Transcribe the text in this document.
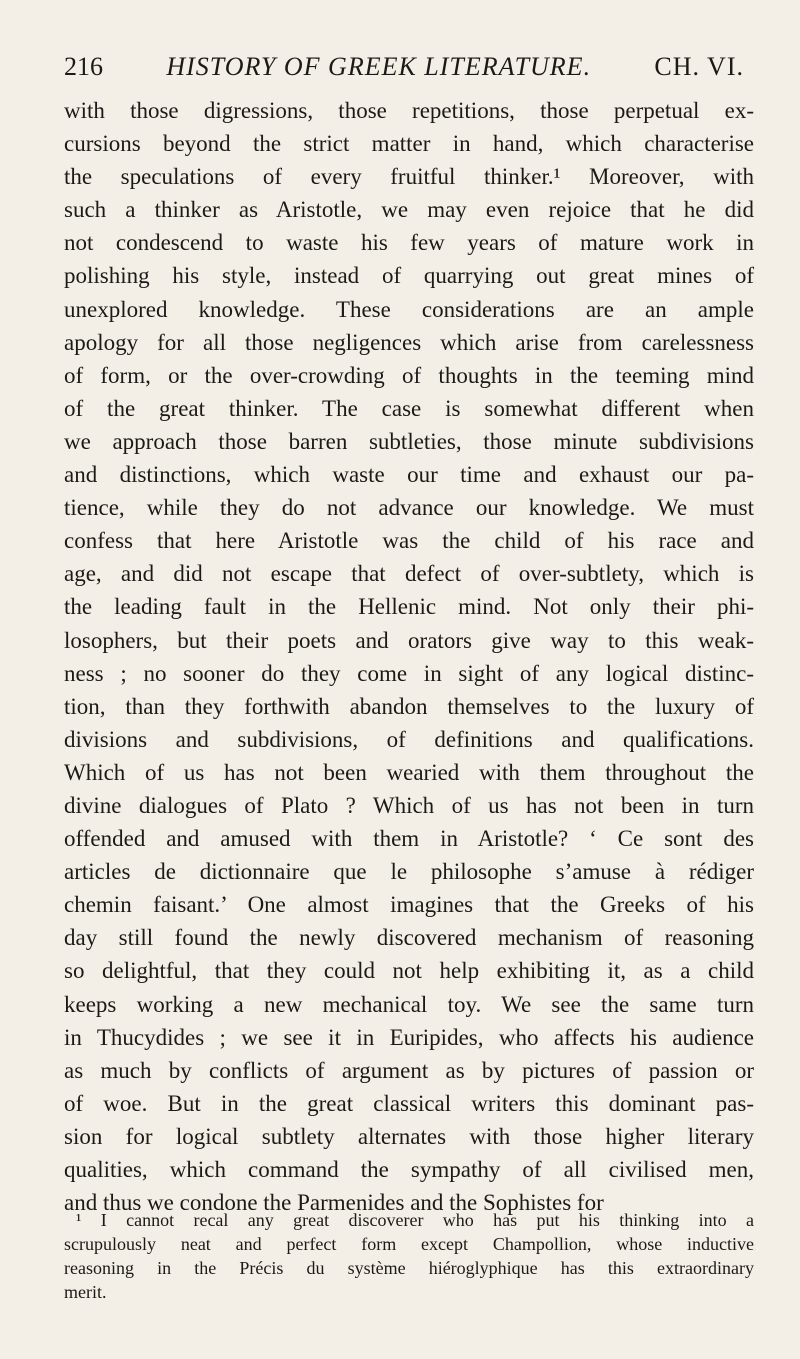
216 HISTORY OF GREEK LITERATURE. CH. VI.
with those digressions, those repetitions, those perpetual ex-
cursions beyond the strict matter in hand, which characterise
the speculations of every fruitful thinker.¹ Moreover, with
such a thinker as Aristotle, we may even rejoice that he did
not condescend to waste his few years of mature work in
polishing his style, instead of quarrying out great mines of
unexplored knowledge. These considerations are an ample
apology for all those negligences which arise from carelessness
of form, or the over-crowding of thoughts in the teeming mind
of the great thinker. The case is somewhat different when
we approach those barren subtleties, those minute subdivisions
and distinctions, which waste our time and exhaust our pa-
tience, while they do not advance our knowledge. We must
confess that here Aristotle was the child of his race and
age, and did not escape that defect of over-subtlety, which is
the leading fault in the Hellenic mind. Not only their phi-
losophers, but their poets and orators give way to this weak-
ness ; no sooner do they come in sight of any logical distinc-
tion, than they forthwith abandon themselves to the luxury of
divisions and subdivisions, of definitions and qualifications.
Which of us has not been wearied with them throughout the
divine dialogues of Plato ? Which of us has not been in turn
offended and amused with them in Aristotle? ‘ Ce sont des
articles de dictionnaire que le philosophe s’amuse à rédiger
chemin faisant.’ One almost imagines that the Greeks of his
day still found the newly discovered mechanism of reasoning
so delightful, that they could not help exhibiting it, as a child
keeps working a new mechanical toy. We see the same turn
in Thucydides ; we see it in Euripides, who affects his audience
as much by conflicts of argument as by pictures of passion or
of woe. But in the great classical writers this dominant pas-
sion for logical subtlety alternates with those higher literary
qualities, which command the sympathy of all civilised men,
and thus we condone the Parmenides and the Sophistes for
¹ I cannot recal any great discoverer who has put his thinking into a
scrupulously neat and perfect form except Champollion, whose inductive
reasoning in the Précis du système hiéroglyphique has this extraordinary
merit.
